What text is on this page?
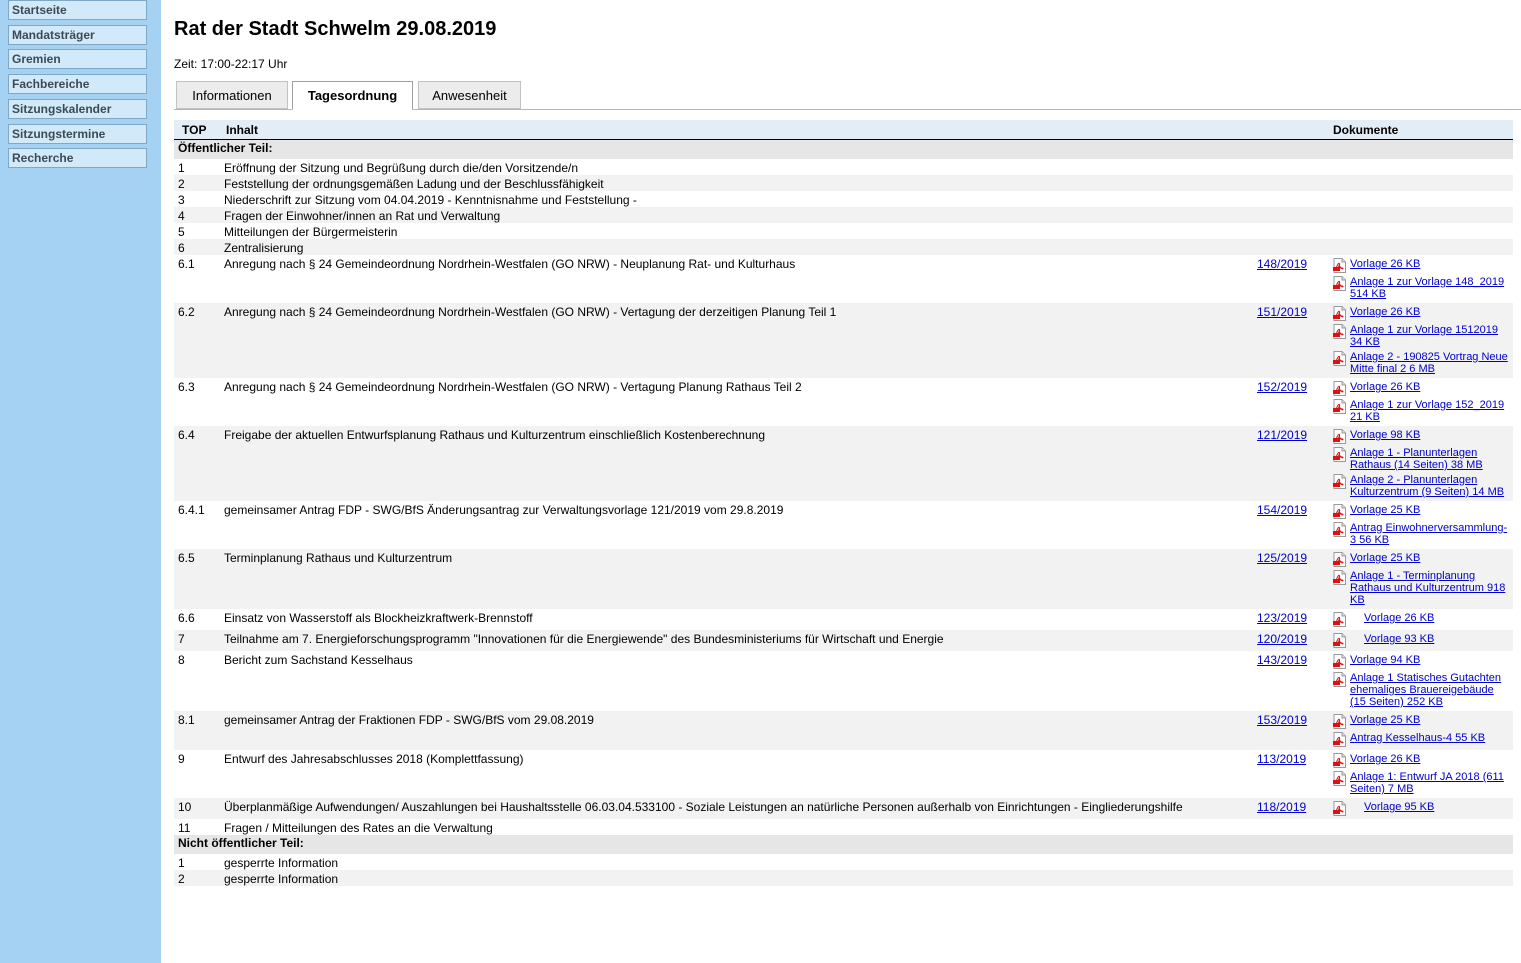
Startseite
Mandatsträger
Gremien
Fachbereiche
Sitzungskalender
Sitzungstermine
Recherche
Rat der Stadt Schwelm 29.08.2019
Zeit: 17:00-22:17 Uhr
Informationen	Tagesordnung	Anwesenheit
TOP	Inhalt		Dokumente
Öffentlicher Teil:			
1	Eröffnung der Sitzung und Begrüßung durch die/den Vorsitzende/n		
2	Feststellung der ordnungsgemäßen Ladung und der Beschlussfähigkeit		
3	Niederschrift zur Sitzung vom 04.04.2019 - Kenntnisnahme und Feststellung -		
4	Fragen der Einwohner/innen an Rat und Verwaltung		
5	Mitteilungen der Bürgermeisterin		
6	Zentralisierung		
6.1	Anregung nach § 24 Gemeindeordnung Nordrhein-Westfalen (GO NRW) - Neuplanung Rat- und Kulturhaus	148/2019	Vorlage 26 KB
Anlage 1 zur Vorlage 148_2019 514 KB

6.2	Anregung nach § 24 Gemeindeordnung Nordrhein-Westfalen (GO NRW) - Vertagung der derzeitigen Planung Teil 1	151/2019	Vorlage 26 KB
Anlage 1 zur Vorlage 1512019 34 KB
Anlage 2 - 190825 Vortrag Neue Mitte final 2 6 MB

6.3	Anregung nach § 24 Gemeindeordnung Nordrhein-Westfalen (GO NRW) - Vertagung Planung Rathaus Teil 2	152/2019	Vorlage 26 KB
Anlage 1 zur Vorlage 152_2019 21 KB

6.4	Freigabe der aktuellen Entwurfsplanung Rathaus und Kulturzentrum einschließlich Kostenberechnung	121/2019	Vorlage 98 KB
Anlage 1 - Planunterlagen Rathaus (14 Seiten) 38 MB
Anlage 2 - Planunterlagen Kulturzentrum (9 Seiten) 14 MB

6.4.1	gemeinsamer Antrag FDP - SWG/BfS Änderungsantrag zur Verwaltungsvorlage 121/2019 vom 29.8.2019	154/2019	Vorlage 25 KB
Antrag Einwohnerversammlung-3 56 KB

6.5	Terminplanung Rathaus und Kulturzentrum	125/2019	Vorlage 25 KB
Anlage 1 - Terminplanung Rathaus und Kulturzentrum 918 KB

6.6	Einsatz von Wasserstoff als Blockheizkraftwerk-Brennstoff	123/2019	Vorlage 26 KB

7	Teilnahme am 7. Energieforschungsprogramm "Innovationen für die Energiewende" des Bundesministeriums für Wirtschaft und Energie	120/2019	Vorlage 93 KB

8	Bericht zum Sachstand Kesselhaus	143/2019	Vorlage 94 KB
Anlage 1 Statisches Gutachten ehemaliges Brauereigebäude (15 Seiten) 252 KB

8.1	gemeinsamer Antrag der Fraktionen FDP - SWG/BfS vom 29.08.2019	153/2019	Vorlage 25 KB
Antrag Kesselhaus-4 55 KB

9	Entwurf des Jahresabschlusses 2018 (Komplettfassung)	113/2019	Vorlage 26 KB
Anlage 1: Entwurf JA 2018 (611 Seiten) 7 MB

10	Überplanmäßige Aufwendungen/ Auszahlungen bei Haushaltsstelle 06.03.04.533100 - Soziale Leistungen an natürliche Personen außerhalb von Einrichtungen - Eingliederungshilfe	118/2019	Vorlage 95 KB

11	Fragen / Mitteilungen des Rates an die Verwaltung		
Nicht öffentlicher Teil:			
1	gesperrte Information		
2	gesperrte Information		
